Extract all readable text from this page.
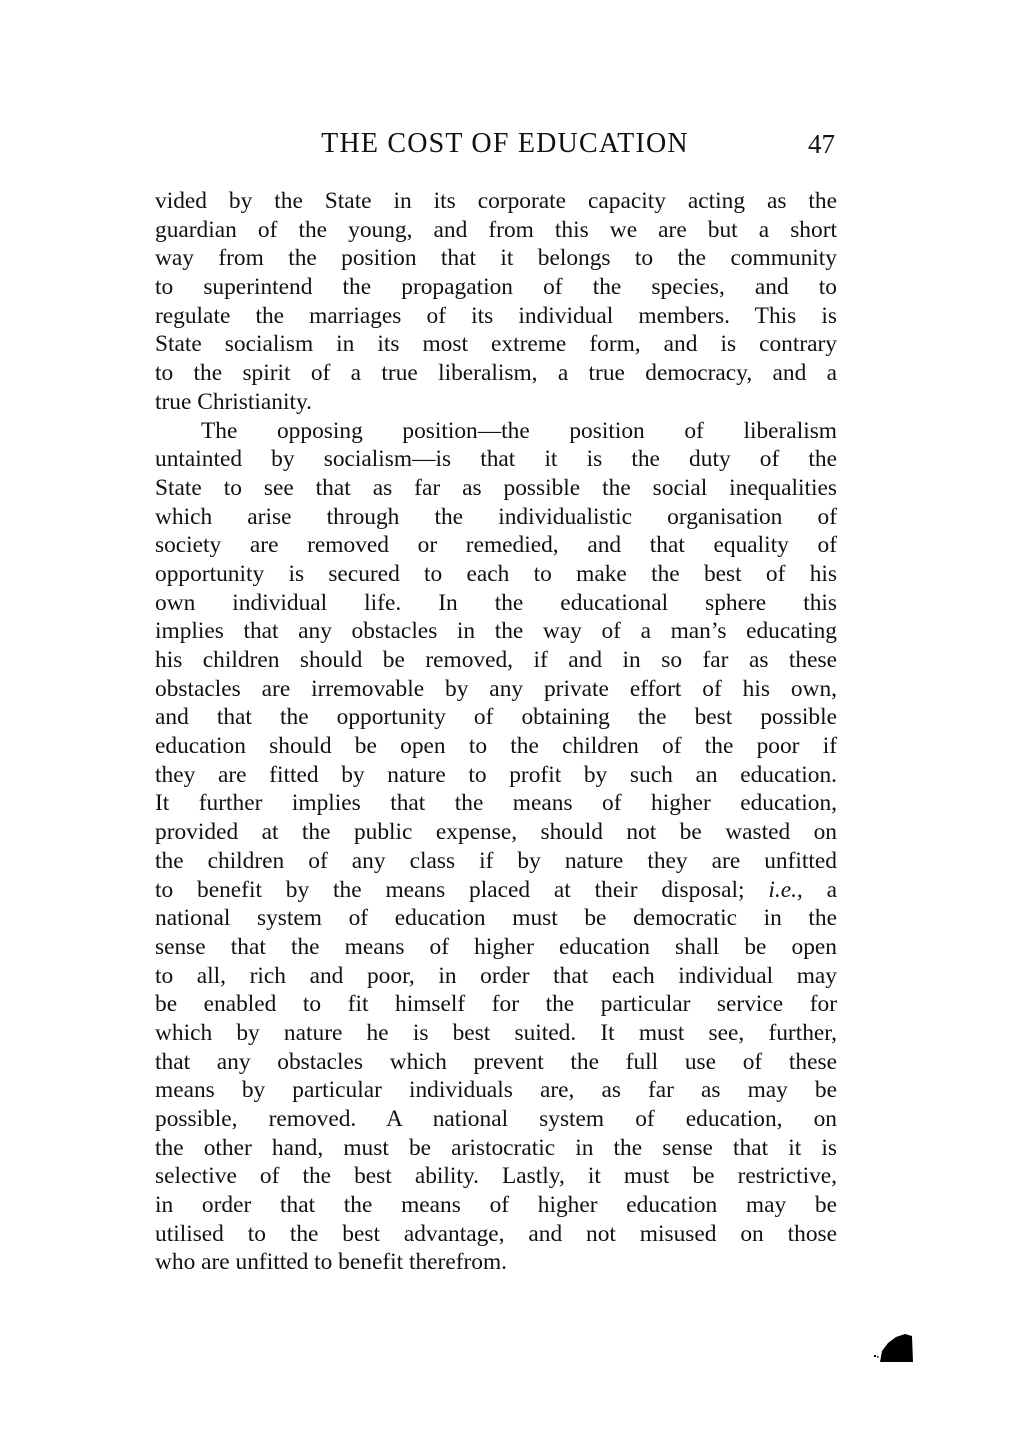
THE COST OF EDUCATION	47
vided by the State in its corporate capacity acting as the
guardian of the young, and from this we are but a short
way from the position that it belongs to the community
to superintend the propagation of the species, and to
regulate the marriages of its individual members. This is
State socialism in its most extreme form, and is contrary
to the spirit of a true liberalism, a true democracy, and a
true Christianity.
The opposing position—the position of liberalism
untainted by socialism—is that it is the duty of the
State to see that as far as possible the social inequalities
which arise through the individualistic organisation of
society are removed or remedied, and that equality of
opportunity is secured to each to make the best of his
own individual life. In the educational sphere this
implies that any obstacles in the way of a man’s educating
his children should be removed, if and in so far as these
obstacles are irremovable by any private effort of his own,
and that the opportunity of obtaining the best possible
education should be open to the children of the poor if
they are fitted by nature to profit by such an education.
It further implies that the means of higher education,
provided at the public expense, should not be wasted on
the children of any class if by nature they are unfitted
to benefit by the means placed at their disposal; i.e., a
national system of education must be democratic in the
sense that the means of higher education shall be open
to all, rich and poor, in order that each individual may
be enabled to fit himself for the particular service for
which by nature he is best suited. It must see, further,
that any obstacles which prevent the full use of these
means by particular individuals are, as far as may be
possible, removed. A national system of education, on
the other hand, must be aristocratic in the sense that it is
selective of the best ability. Lastly, it must be restrictive,
in order that the means of higher education may be
utilised to the best advantage, and not misused on those
who are unfitted to benefit therefrom.
